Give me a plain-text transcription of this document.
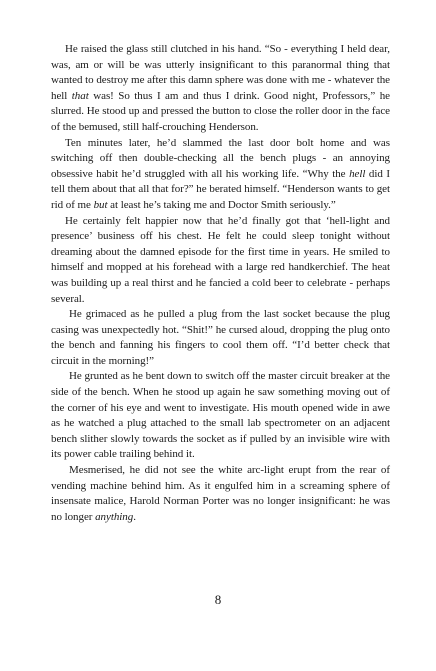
He raised the glass still clutched in his hand. “So - everything I held dear, was, am or will be was utterly insignificant to this paranormal thing that wanted to destroy me after this damn sphere was done with me - whatever the hell that was! So thus I am and thus I drink. Good night, Professors,” he slurred. He stood up and pressed the button to close the roller door in the face of the bemused, still half-crouching Henderson.

Ten minutes later, he’d slammed the last door bolt home and was switching off then double-checking all the bench plugs - an annoying obsessive habit he’d struggled with all his working life. “Why the hell did I tell them about that all that for?” he berated himself. “Henderson wants to get rid of me but at least he’s taking me and Doctor Smith seriously.”

He certainly felt happier now that he’d finally got that ‘hell-light and presence’ business off his chest. He felt he could sleep tonight without dreaming about the damned episode for the first time in years. He smiled to himself and mopped at his forehead with a large red handkerchief. The heat was building up a real thirst and he fancied a cold beer to celebrate - perhaps several.

He grimaced as he pulled a plug from the last socket because the plug casing was unexpectedly hot. “Shit!” he cursed aloud, dropping the plug onto the bench and fanning his fingers to cool them off. “I’d better check that circuit in the morning!”

He grunted as he bent down to switch off the master circuit breaker at the side of the bench. When he stood up again he saw something moving out of the corner of his eye and went to investigate. His mouth opened wide in awe as he watched a plug attached to the small lab spectrometer on an adjacent bench slither slowly towards the socket as if pulled by an invisible wire with its power cable trailing behind it.

Mesmerised, he did not see the white arc-light erupt from the rear of vending machine behind him. As it engulfed him in a screaming sphere of insensate malice, Harold Norman Porter was no longer insignificant: he was no longer anything.

8
